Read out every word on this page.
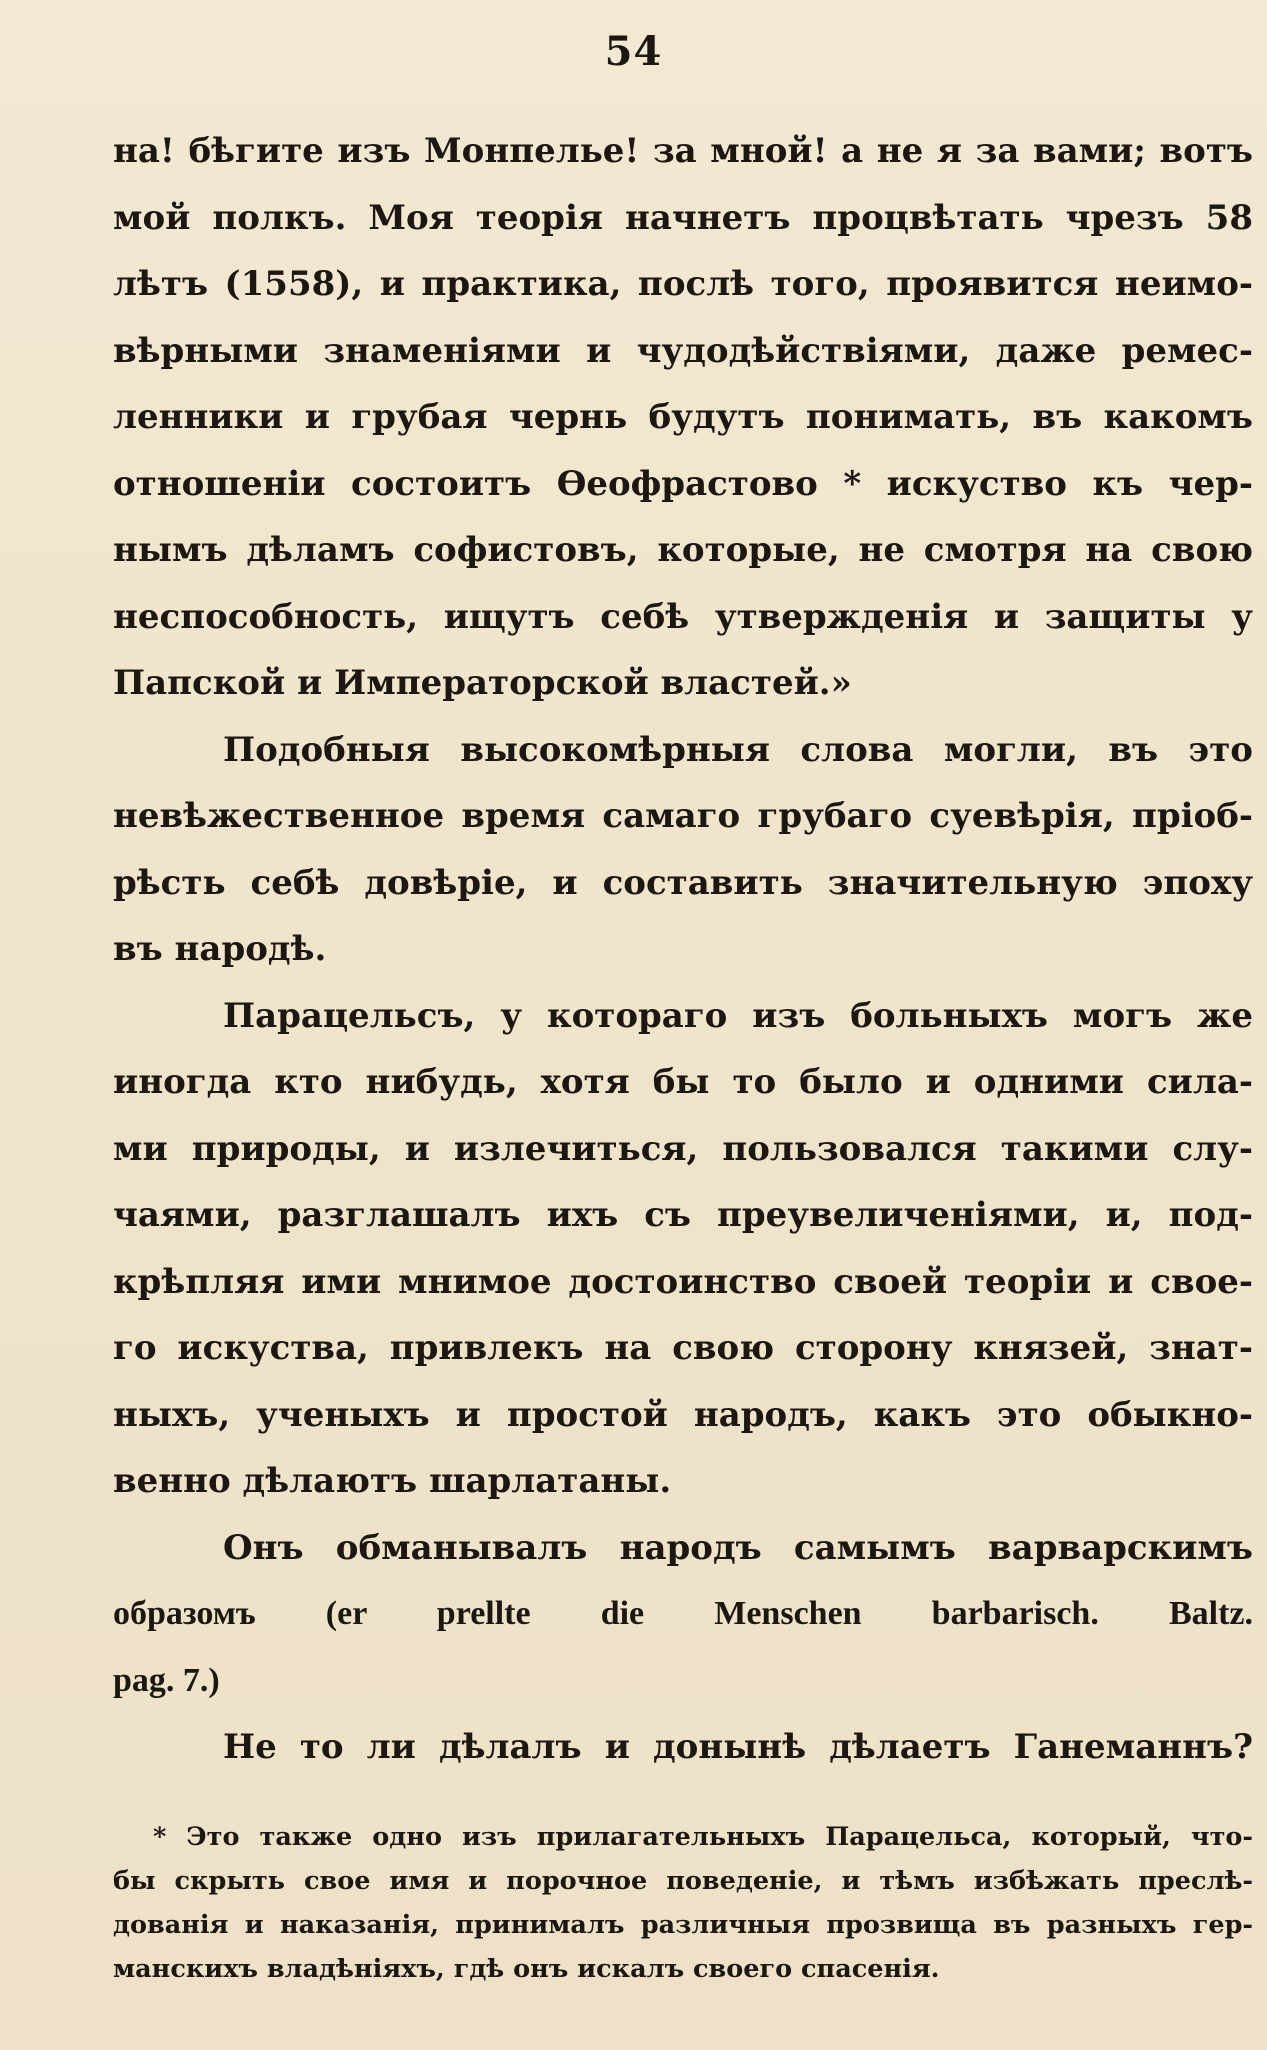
54
на! бѣгите изъ Монпелье! за мной! а не я за вами; вотъ
мой полкъ. Моя теорія начнетъ процвѣтать чрезъ 58
лѣтъ (1558), и практика, послѣ того, проявится неимо-
вѣрными знаменіями и чудодѣйствіями, даже ремес-
ленники и грубая чернь будутъ понимать, въ какомъ
отношеніи состоитъ Ѳеофрастово * искуство къ чер-
нымъ дѣламъ софистовъ, которые, не смотря на свою
неспособность, ищутъ себѣ утвержденія и защиты у
Папской и Императорской властей.»
Подобныя высокомѣрныя слова могли, въ это
невѣжественное время самаго грубаго суевѣрія, пріоб-
рѣсть себѣ довѣріе, и составить значительную эпоху
въ народѣ.
Парацельсъ, у котораго изъ больныхъ могъ же
иногда кто нибудь, хотя бы то было и одними сила-
ми природы, и излечиться, пользовался такими слу-
чаями, разглашалъ ихъ съ преувеличеніями, и, под-
крѣпляя ими мнимое достоинство своей теоріи и свое-
го искуства, привлекъ на свою сторону князей, знат-
ныхъ, ученыхъ и простой народъ, какъ это обыкно-
венно дѣлаютъ шарлатаны.
Онъ обманывалъ народъ самымъ варварскимъ
образомъ (er prellte die Menschen barbarisch. Baltz.
pag. 7.)
Не то ли дѣлалъ и донынѣ дѣлаетъ Ганеманнъ?
* Это также одно изъ прилагательныхъ Парацельса, который, что-
бы скрыть свое имя и порочное поведеніе, и тѣмъ избѣжать преслѣ-
дованія и наказанія, принималъ различныя прозвища въ разныхъ гер-
манскихъ владѣніяхъ, гдѣ онъ искалъ своего спасенія.
